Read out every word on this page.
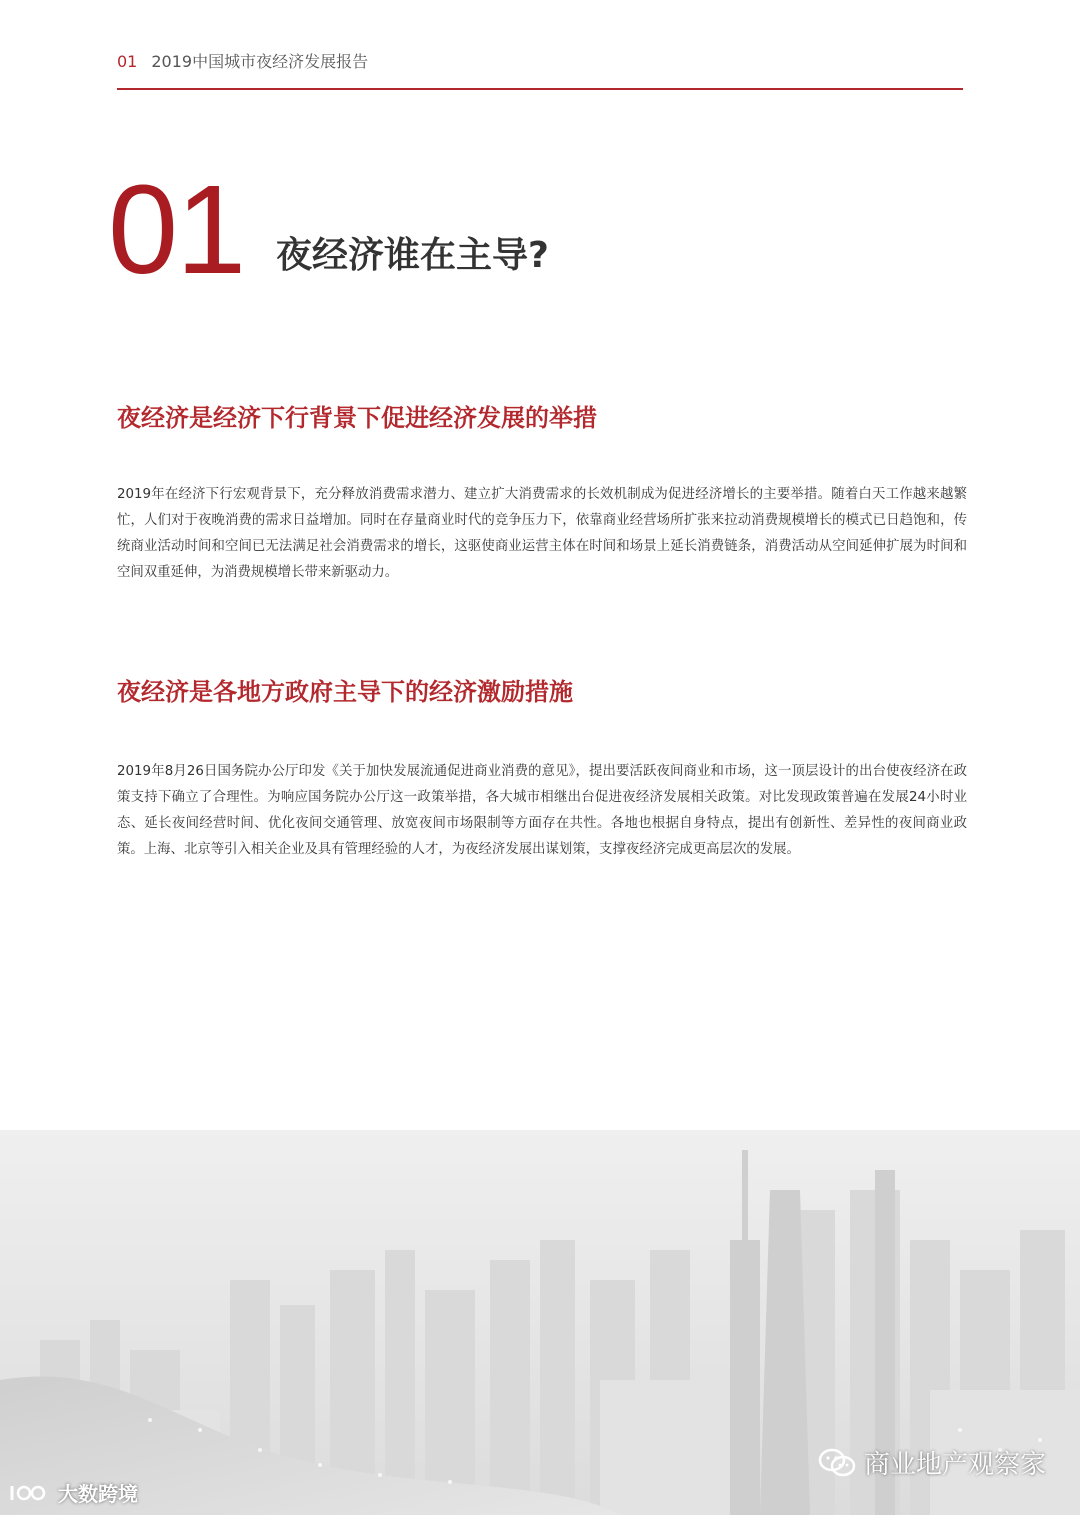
01 2019中国城市夜经济发展报告
01 夜经济谁在主导?
夜经济是经济下行背景下促进经济发展的举措
2019年在经济下行宏观背景下，充分释放消费需求潜力、建立扩大消费需求的长效机制成为促进经济增长的主要举措。随着白天工作越来越繁忙，人们对于夜晚消费的需求日益增加。同时在存量商业时代的竞争压力下，依靠商业经营场所扩张来拉动消费规模增长的模式已日趋饱和，传统商业活动时间和空间已无法满足社会消费需求的增长，这驱使商业运营主体在时间和场景上延长消费链条，消费活动从空间延伸扩展为时间和空间双重延伸，为消费规模增长带来新驱动力。
夜经济是各地方政府主导下的经济激励措施
2019年8月26日国务院办公厅印发《关于加快发展流通促进商业消费的意见》，提出要活跃夜间商业和市场，这一顶层设计的出台使夜经济在政策支持下确立了合理性。为响应国务院办公厅这一政策举措，各大城市相继出台促进夜经济发展相关政策。对比发现政策普遍在发展24小时业态、延长夜间经营时间、优化夜间交通管理、放宽夜间市场限制等方面存在共性。各地也根据自身特点，提出有创新性、差异性的夜间商业政策。上海、北京等引入相关企业及具有管理经验的人才，为夜经济发展出谋划策，支撑夜经济完成更高层次的发展。
大数跨境
商业地产观察家
